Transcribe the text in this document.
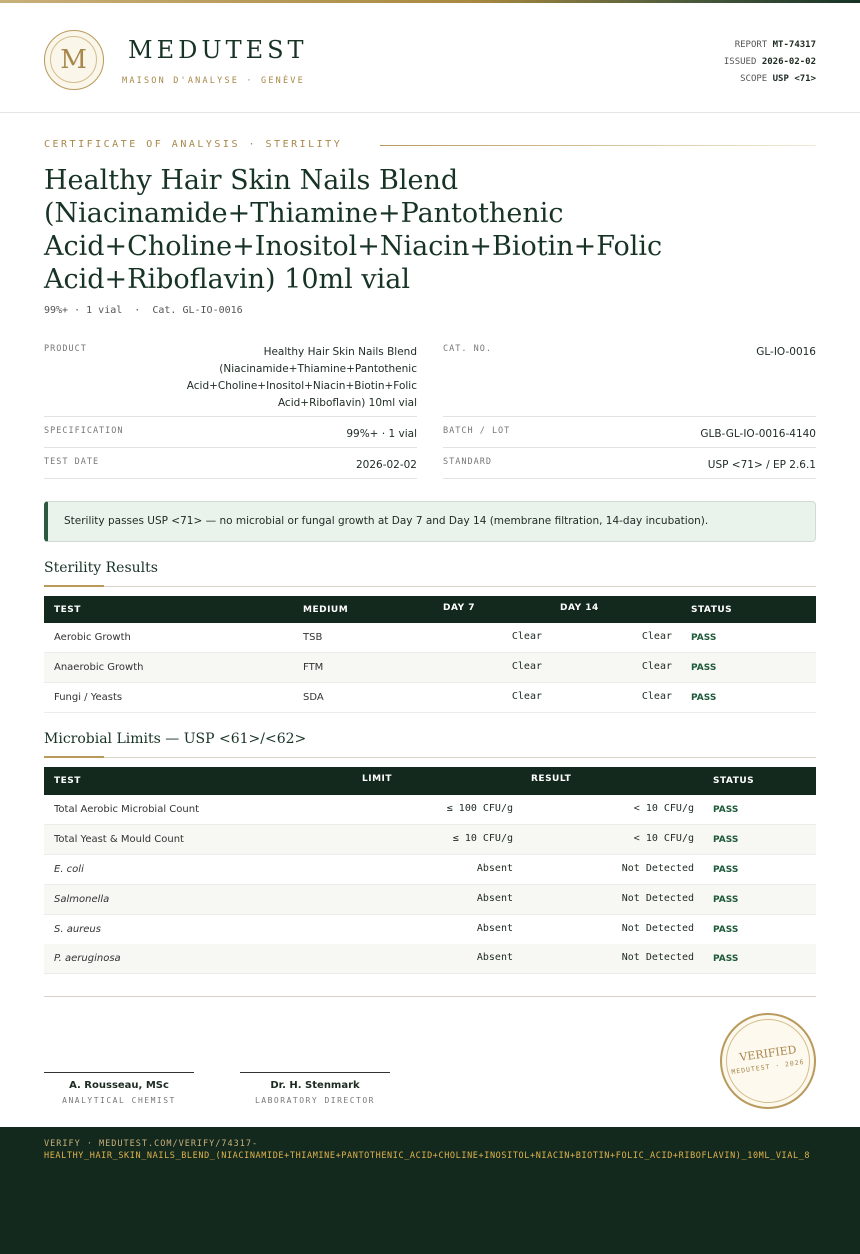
M	MEDUTEST
MAISON D'ANALYSE · GENÈVE
REPORT MT-74317
ISSUED 2026-02-02
SCOPE USP <71>
CERTIFICATE OF ANALYSIS · STERILITY
Healthy Hair Skin Nails Blend (Niacinamide+Thiamine+Pantothenic Acid+Choline+Inositol+Niacin+Biotin+Folic Acid+Riboflavin) 10ml vial
99%+ · 1 vial  ·  Cat. GL-IO-0016
PRODUCT	Healthy Hair Skin Nails Blend (Niacinamide+Thiamine+Pantothenic Acid+Choline+Inositol+Niacin+Biotin+Folic Acid+Riboflavin) 10ml vial
SPECIFICATION	99%+ · 1 vial
TEST DATE	2026-02-02
CAT. NO.	GL-IO-0016
BATCH / LOT	GLB-GL-IO-0016-4140
STANDARD	USP <71> / EP 2.6.1
Sterility passes USP <71> — no microbial or fungal growth at Day 7 and Day 14 (membrane filtration, 14-day incubation).
Sterility Results
TEST	MEDIUM	DAY 7	DAY 14	STATUS
Aerobic Growth	TSB	Clear	Clear PASS
Anaerobic Growth	FTM	Clear	Clear PASS
Fungi / Yeasts	SDA	Clear	Clear PASS
Microbial Limits — USP <61>/<62>
TEST	LIMIT	RESULT	STATUS
Total Aerobic Microbial Count	≤ 100 CFU/g	< 10 CFU/g PASS
Total Yeast & Mould Count	≤ 10 CFU/g	< 10 CFU/g PASS
E. coli	Absent	Not Detected PASS
Salmonella	Absent	Not Detected PASS
S. aureus	Absent	Not Detected PASS
P. aeruginosa	Absent	Not Detected PASS
A. Rousseau, MSc
ANALYTICAL CHEMIST
Dr. H. Stenmark
LABORATORY DIRECTOR
VERIFIED
MEDUTEST · 2026
VERIFY · MEDUTEST.COM/VERIFY/74317-
HEALTHY_HAIR_SKIN_NAILS_BLEND_(NIACINAMIDE+THIAMINE+PANTOTHENIC_ACID+CHOLINE+INOSITOL+NIACIN+BIOTIN+FOLIC_ACID+RIBOFLAVIN)_10ML_VIAL_8
